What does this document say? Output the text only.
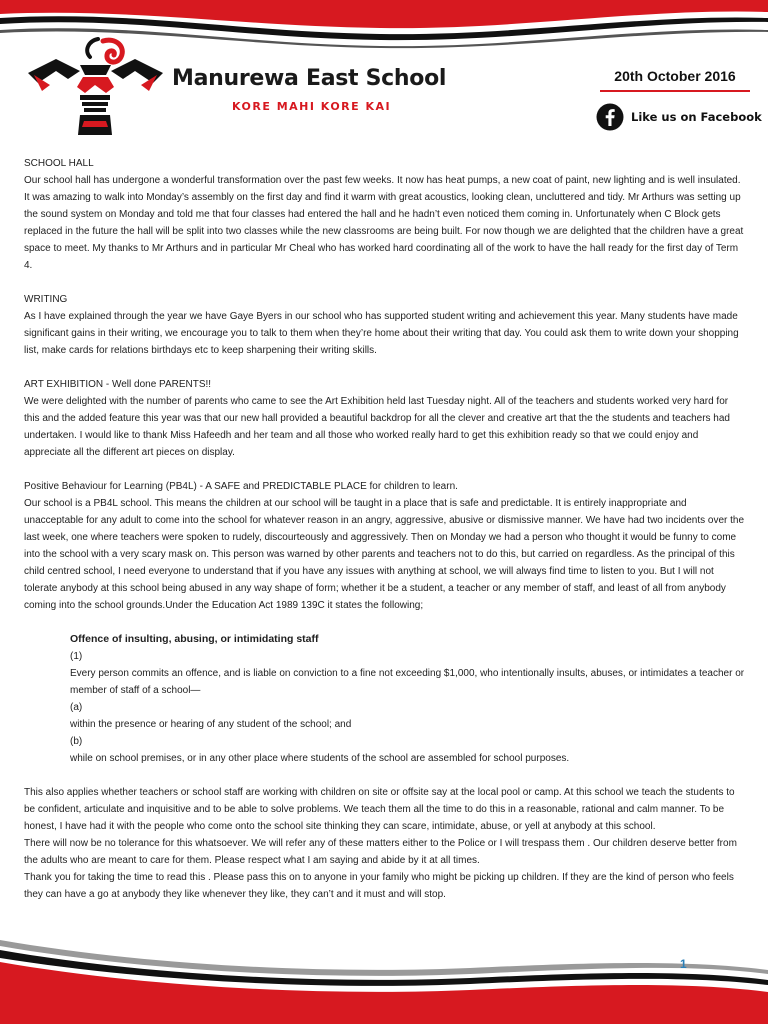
Manurewa East School
KORE MAHI KORE KAI
20th October 2016
Like us on Facebook

SCHOOL HALL
Our school hall has undergone a wonderful transformation over the past few weeks. It now has heat pumps, a new coat of paint, new lighting and is well insulated. It was amazing to walk into Monday’s assembly on the first day and find it warm with great acoustics, looking clean, uncluttered and tidy. Mr Arthurs was setting up the sound system on Monday and told me that four classes had entered the hall and he hadn’t even noticed them coming in. Unfortunately when C Block gets replaced in the future the hall will be split into two classes while the new classrooms are being built. For now though we are delighted that the children have a great space to meet. My thanks to Mr Arthurs and in particular Mr Cheal who has worked hard coordinating all of the work to have the hall ready for the first day of Term 4.

WRITING
As I have explained through the year we have Gaye Byers in our school who has supported student writing and achievement this year. Many students have made significant gains in their writing, we encourage you to talk to them when they’re home about their writing that day. You could ask them to write down your shopping list, make cards for relations birthdays etc to keep sharpening their writing skills.

ART EXHIBITION - Well done PARENTS!!
We were delighted with the number of parents who came to see the Art Exhibition held last Tuesday night. All of the teachers and students worked very hard for this and the added feature this year was that our new hall provided a beautiful backdrop for all the clever and creative art that the the students and teachers had undertaken. I would like to thank Miss Hafeedh and her team and all those who worked really hard to get this exhibition ready so that we could enjoy and appreciate all the different art pieces on display.

Positive Behaviour for Learning (PB4L) - A SAFE and PREDICTABLE PLACE for children to learn.
Our school is a PB4L school. This means the children at our school will be taught in a place that is safe and predictable. It is entirely inappropriate and unacceptable for any adult to come into the school for whatever reason in an angry, aggressive, abusive or dismissive manner. We have had two incidents over the last week, one where teachers were spoken to rudely, discourteously and aggressively. Then on Monday we had a person who thought it would be funny to come into the school with a very scary mask on. This person was warned by other parents and teachers not to do this, but carried on regardless. As the principal of this child centred school, I need everyone to understand that if you have any issues with anything at school, we will always find time to listen to you. But I will not tolerate anybody at this school being abused in any way shape of form; whether it be a student, a teacher or any member of staff, and least of all from anybody coming into the school grounds.Under the Education Act 1989 139C it states the following;

Offence of insulting, abusing, or intimidating staff
(1)
Every person commits an offence, and is liable on conviction to a fine not exceeding $1,000, who intentionally insults, abuses, or intimidates a teacher or member of staff of a school—
(a)
within the presence or hearing of any student of the school; and
(b)
while on school premises, or in any other place where students of the school are assembled for school purposes.

This also applies whether teachers or school staff are working with children on site or offsite say at the local pool or camp. At this school we teach the students to be confident, articulate and inquisitive and to be able to solve problems. We teach them all the time to do this in a reasonable, rational and calm manner. To be honest, I have had it with the people who come onto the school site thinking they can scare, intimidate, abuse, or yell at anybody at this school.
There will now be no tolerance for this whatsoever. We will refer any of these matters either to the Police or I will trespass them . Our children deserve better from the adults who are meant to care for them. Please respect what I am saying and abide by it at all times.
Thank you for taking the time to read this . Please pass this on to anyone in your family who might be picking up children. If they are the kind of person who feels they can have a go at anybody they like whenever they like, they can’t and it must and will stop.

1
